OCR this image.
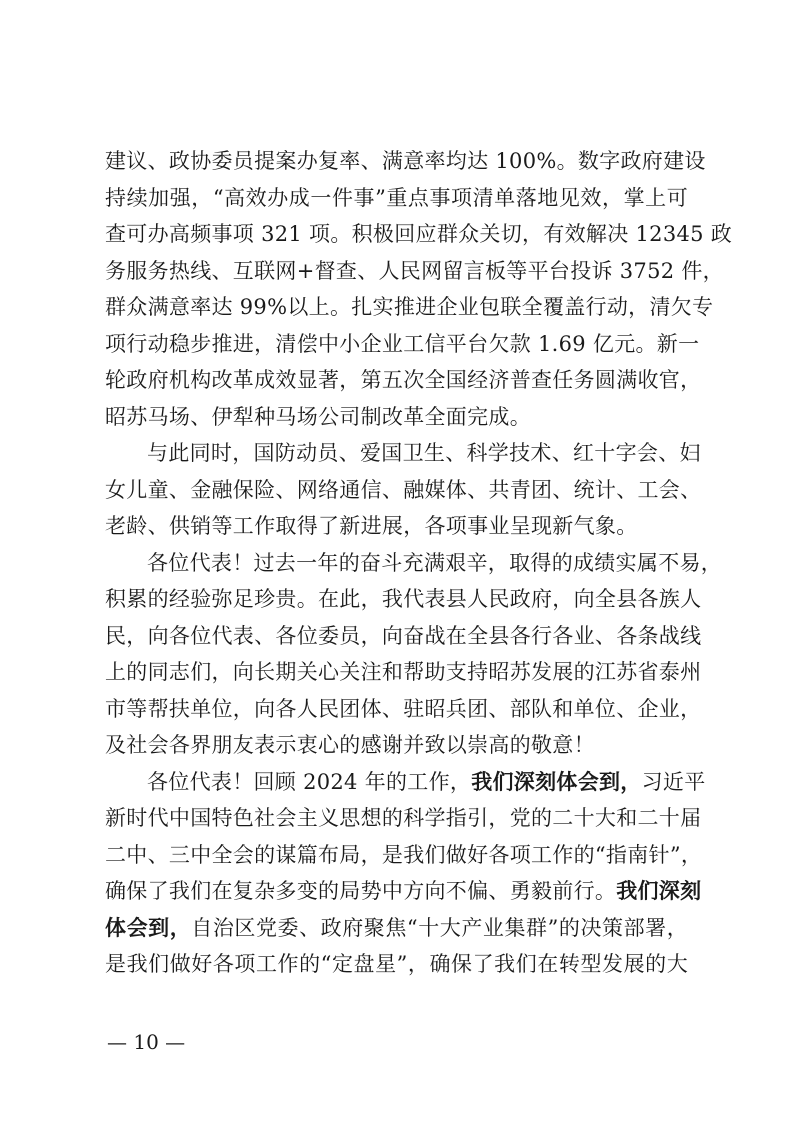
建议、政协委员提案办复率、满意率均达 100%。数字政府建设
持续加强，“高效办成一件事”重点事项清单落地见效，掌上可
查可办高频事项 321 项。积极回应群众关切，有效解决 12345 政
务服务热线、互联网+督查、人民网留言板等平台投诉 3752 件，
群众满意率达 99%以上。扎实推进企业包联全覆盖行动，清欠专
项行动稳步推进，清偿中小企业工信平台欠款 1.69 亿元。新一
轮政府机构改革成效显著，第五次全国经济普查任务圆满收官，
昭苏马场、伊犁种马场公司制改革全面完成。
与此同时，国防动员、爱国卫生、科学技术、红十字会、妇
女儿童、金融保险、网络通信、融媒体、共青团、统计、工会、
老龄、供销等工作取得了新进展，各项事业呈现新气象。
各位代表！过去一年的奋斗充满艰辛，取得的成绩实属不易，
积累的经验弥足珍贵。在此，我代表县人民政府，向全县各族人
民，向各位代表、各位委员，向奋战在全县各行各业、各条战线
上的同志们，向长期关心关注和帮助支持昭苏发展的江苏省泰州
市等帮扶单位，向各人民团体、驻昭兵团、部队和单位、企业，
及社会各界朋友表示衷心的感谢并致以崇高的敬意！
各位代表！回顾 2024 年的工作，我们深刻体会到，习近平
新时代中国特色社会主义思想的科学指引，党的二十大和二十届
二中、三中全会的谋篇布局，是我们做好各项工作的“指南针”，
确保了我们在复杂多变的局势中方向不偏、勇毅前行。我们深刻
体会到，自治区党委、政府聚焦“十大产业集群”的决策部署，
是我们做好各项工作的“定盘星”，确保了我们在转型发展的大
— 10 —
